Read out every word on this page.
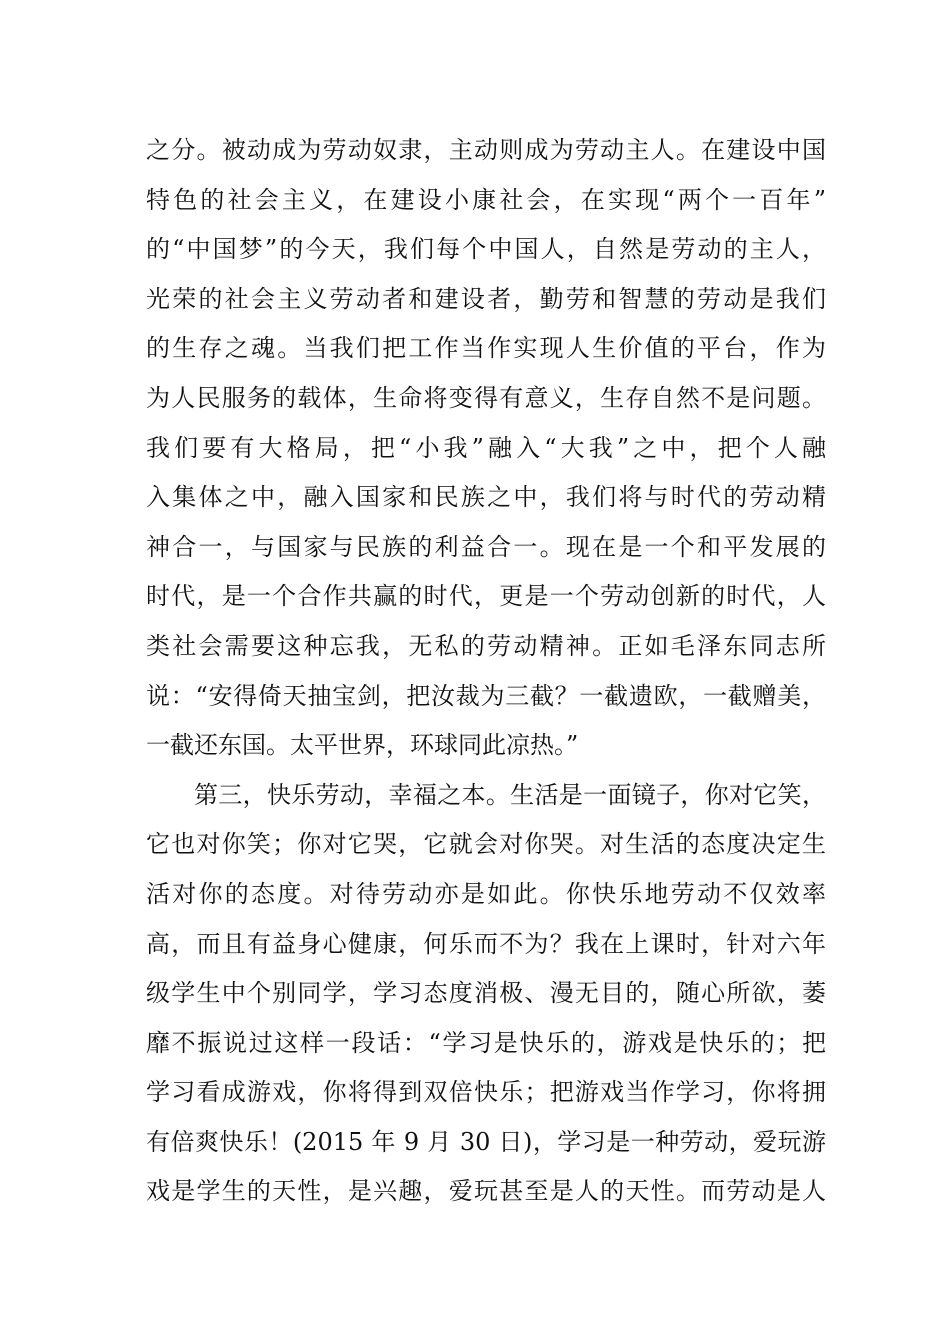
之分。被动成为劳动奴隶，主动则成为劳动主人。在建设中国
特色的社会主义，在建设小康社会，在实现“两个一百年”
的“中国梦”的今天，我们每个中国人，自然是劳动的主人，
光荣的社会主义劳动者和建设者，勤劳和智慧的劳动是我们
的生存之魂。当我们把工作当作实现人生价值的平台，作为
为人民服务的载体，生命将变得有意义，生存自然不是问题。
我们要有大格局，把“小我”融入“大我”之中，把个人融
入集体之中，融入国家和民族之中，我们将与时代的劳动精
神合一，与国家与民族的利益合一。现在是一个和平发展的
时代，是一个合作共赢的时代，更是一个劳动创新的时代，人
类社会需要这种忘我，无私的劳动精神。正如毛泽东同志所
说：“安得倚天抽宝剑，把汝裁为三截？一截遗欧，一截赠美，
一截还东国。太平世界，环球同此凉热。”
第三，快乐劳动，幸福之本。生活是一面镜子，你对它笑，
它也对你笑；你对它哭，它就会对你哭。对生活的态度决定生
活对你的态度。对待劳动亦是如此。你快乐地劳动不仅效率
高，而且有益身心健康，何乐而不为？我在上课时，针对六年
级学生中个别同学，学习态度消极、漫无目的，随心所欲，萎
靡不振说过这样一段话：“学习是快乐的，游戏是快乐的；把
学习看成游戏，你将得到双倍快乐；把游戏当作学习，你将拥
有倍爽快乐！(2015 年 9 月 30 日)，学习是一种劳动，爱玩游
戏是学生的天性，是兴趣，爱玩甚至是人的天性。而劳动是人
